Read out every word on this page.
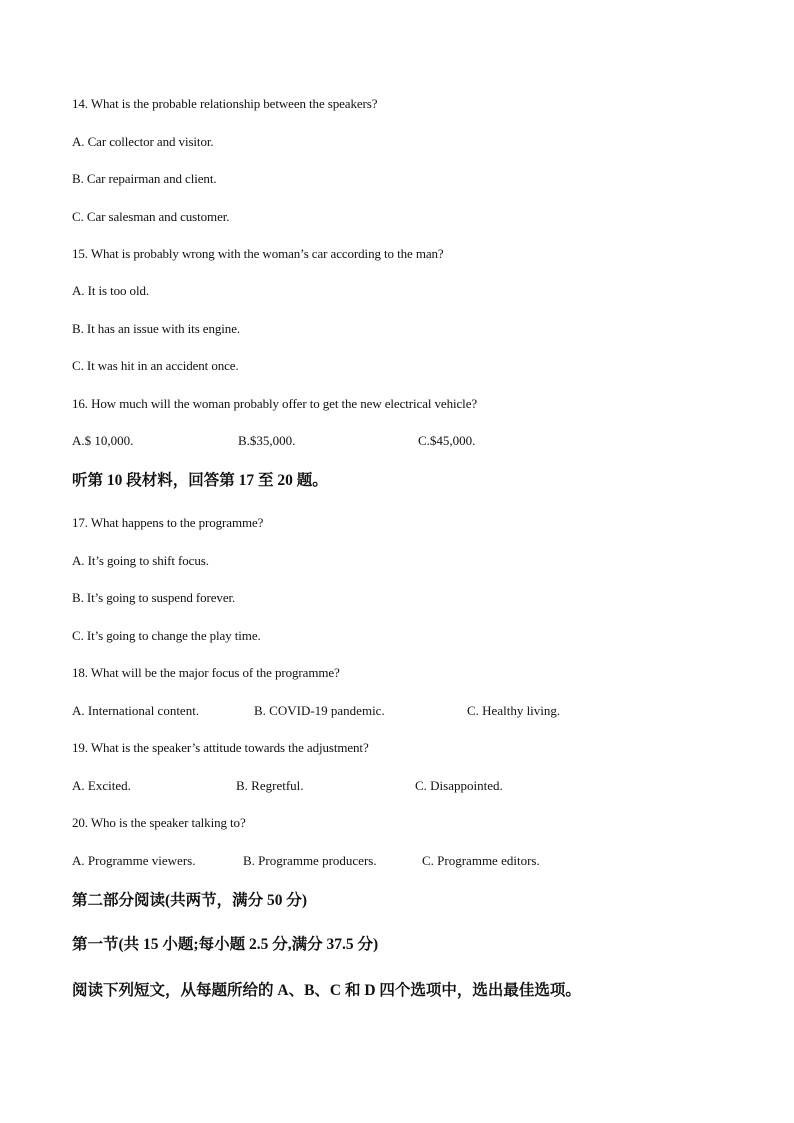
14. What is the probable relationship between the speakers?
A. Car collector and visitor.
B. Car repairman and client.
C. Car salesman and customer.
15. What is probably wrong with the woman’s car according to the man?
A. It is too old.
B. It has an issue with its engine.
C. It was hit in an accident once.
16. How much will the woman probably offer to get the new electrical vehicle?
A.$ 10,000.	B.$35,000.	C.$45,000.
听第 10 段材料，回答第 17 至 20 题。
17. What happens to the programme?
A. It’s going to shift focus.
B. It’s going to suspend forever.
C. It’s going to change the play time.
18. What will be the major focus of the programme?
A. International content.	B. COVID-19 pandemic.	C. Healthy living.
19. What is the speaker’s attitude towards the adjustment?
A. Excited.	B. Regretful.	C. Disappointed.
20. Who is the speaker talking to?
A. Programme viewers.	B. Programme producers.	C. Programme editors.
第二部分阅读(共两节，满分 50 分)
第一节(共 15 小题;每小题 2.5 分,满分 37.5 分)
阅读下列短文，从每题所给的 A、B、C 和 D 四个选项中，选出最佳选项。
